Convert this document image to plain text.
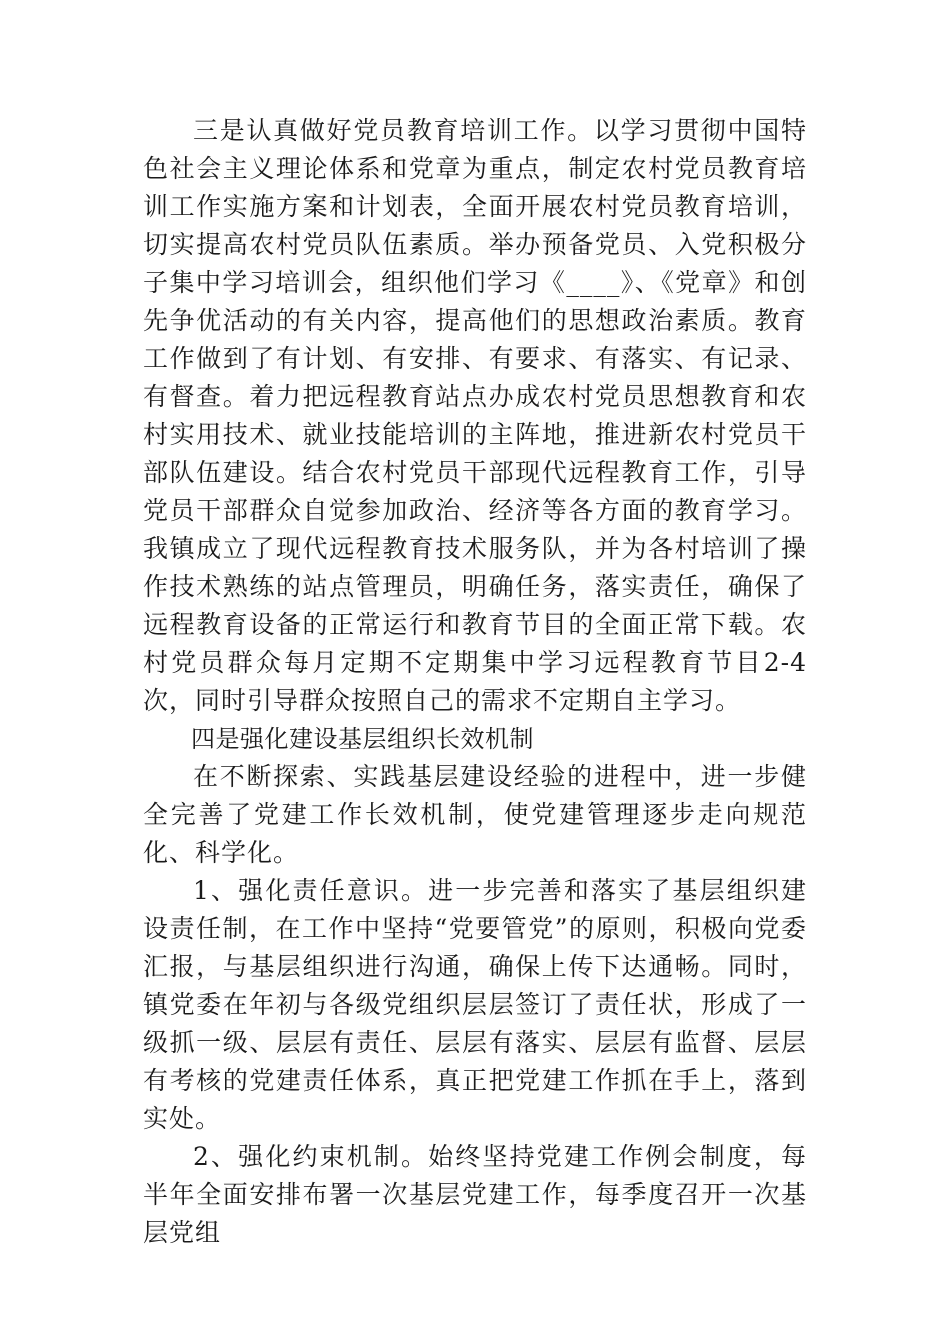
三是认真做好党员教育培训工作。以学习贯彻中国特色社会主义理论体系和党章为重点，制定农村党员教育培训工作实施方案和计划表，全面开展农村党员教育培训，切实提高农村党员队伍素质。举办预备党员、入党积极分子集中学习培训会，组织他们学习《____》、《党章》和创先争优活动的有关内容，提高他们的思想政治素质。教育工作做到了有计划、有安排、有要求、有落实、有记录、有督查。着力把远程教育站点办成农村党员思想教育和农村实用技术、就业技能培训的主阵地，推进新农村党员干部队伍建设。结合农村党员干部现代远程教育工作，引导党员干部群众自觉参加政治、经济等各方面的教育学习。我镇成立了现代远程教育技术服务队，并为各村培训了操作技术熟练的站点管理员，明确任务，落实责任，确保了远程教育设备的正常运行和教育节目的全面正常下载。农村党员群众每月定期不定期集中学习远程教育节目2-4次，同时引导群众按照自己的需求不定期自主学习。

四是强化建设基层组织长效机制

在不断探索、实践基层建设经验的进程中，进一步健全完善了党建工作长效机制，使党建管理逐步走向规范化、科学化。

1、强化责任意识。进一步完善和落实了基层组织建设责任制，在工作中坚持“党要管党”的原则，积极向党委汇报，与基层组织进行沟通，确保上传下达通畅。同时，镇党委在年初与各级党组织层层签订了责任状，形成了一级抓一级、层层有责任、层层有落实、层层有监督、层层有考核的党建责任体系，真正把党建工作抓在手上，落到实处。

2、强化约束机制。始终坚持党建工作例会制度，每半年全面安排布署一次基层党建工作，每季度召开一次基层党组
